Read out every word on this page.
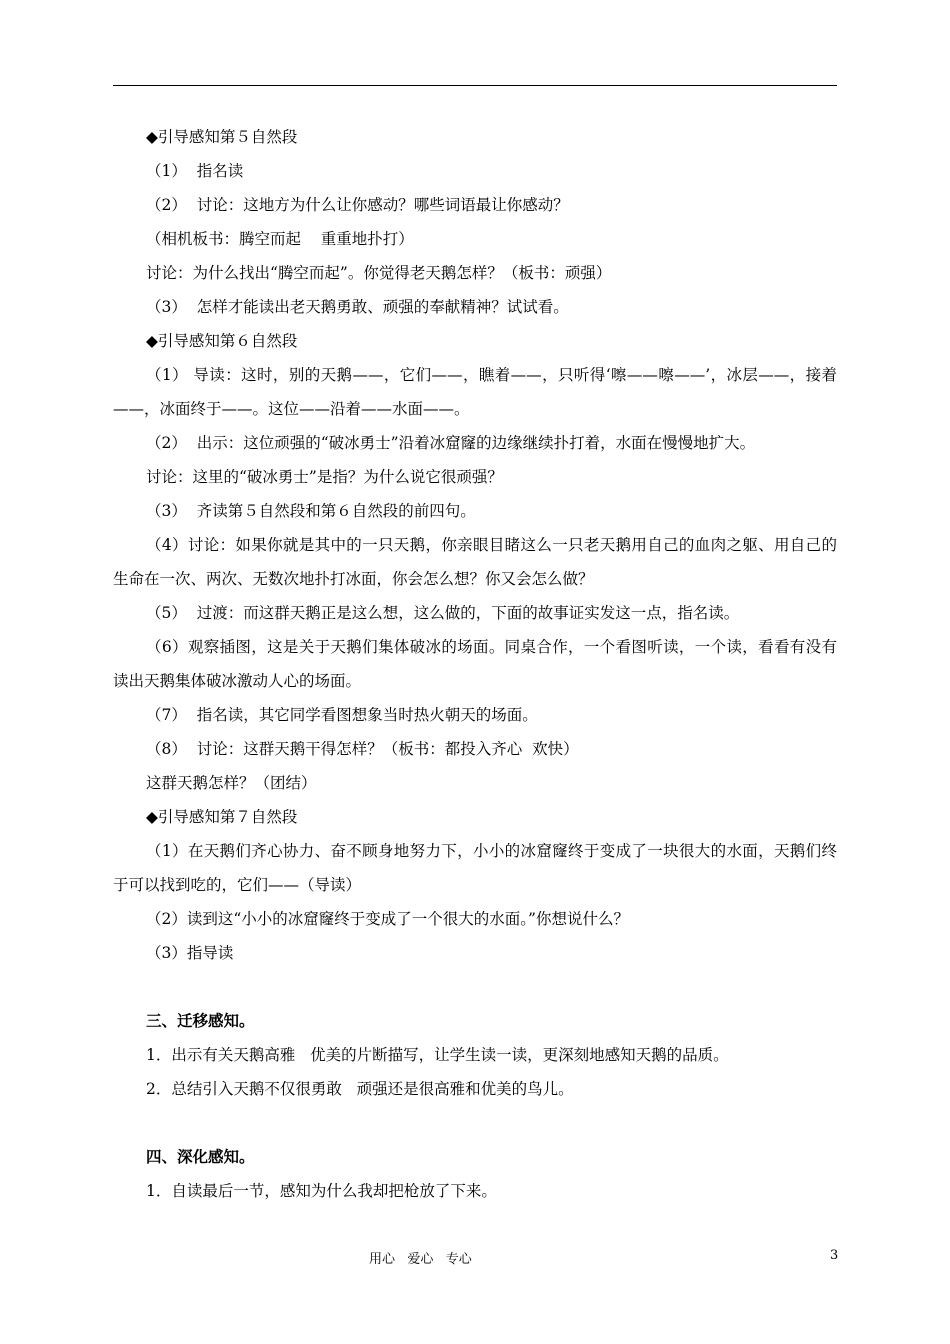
◆引导感知第５自然段

（1）  指名读

（2）  讨论：这地方为什么让你感动？哪些词语最让你感动？

（相机板书：腾空而起    重重地扑打）

讨论：为什么找出“腾空而起”。你觉得老天鹅怎样？（板书：顽强）

（3）  怎样才能读出老天鹅勇敢、顽强的奉献精神？试试看。

◆引导感知第６自然段

（1） 导读：这时，别的天鹅——，它们——，瞧着——，只听得‘嚓——嚓——’，冰层——，接着——，冰面终于——。这位——沿着——水面——。

（2）  出示：这位顽强的“破冰勇士”沿着冰窟窿的边缘继续扑打着，水面在慢慢地扩大。

讨论：这里的“破冰勇士”是指？为什么说它很顽强？

（3）  齐读第５自然段和第６自然段的前四句。

（4）讨论：如果你就是其中的一只天鹅，你亲眼目睹这么一只老天鹅用自己的血肉之躯、用自己的生命在一次、两次、无数次地扑打冰面，你会怎么想？你又会怎么做？

（5）  过渡：而这群天鹅正是这么想，这么做的，下面的故事证实发这一点，指名读。

（6）观察插图，这是关于天鹅们集体破冰的场面。同桌合作，一个看图听读，一个读，看看有没有读出天鹅集体破冰激动人心的场面。

（7）  指名读，其它同学看图想象当时热火朝天的场面。

（8）  讨论：这群天鹅干得怎样？（板书：都投入齐心  欢快）

这群天鹅怎样？（团结）

◆引导感知第７自然段

（1）在天鹅们齐心协力、奋不顾身地努力下，小小的冰窟窿终于变成了一块很大的水面，天鹅们终于可以找到吃的，它们——（导读）

（2）读到这“小小的冰窟窿终于变成了一个很大的水面。”你想说什么？

（3）指导读

三、迁移感知。

1．出示有关天鹅高雅   优美的片断描写，让学生读一读，更深刻地感知天鹅的品质。

2．总结引入天鹅不仅很勇敢   顽强还是很高雅和优美的鸟儿。

四、深化感知。

1．自读最后一节，感知为什么我却把枪放了下来。

用心   爱心   专心	3
